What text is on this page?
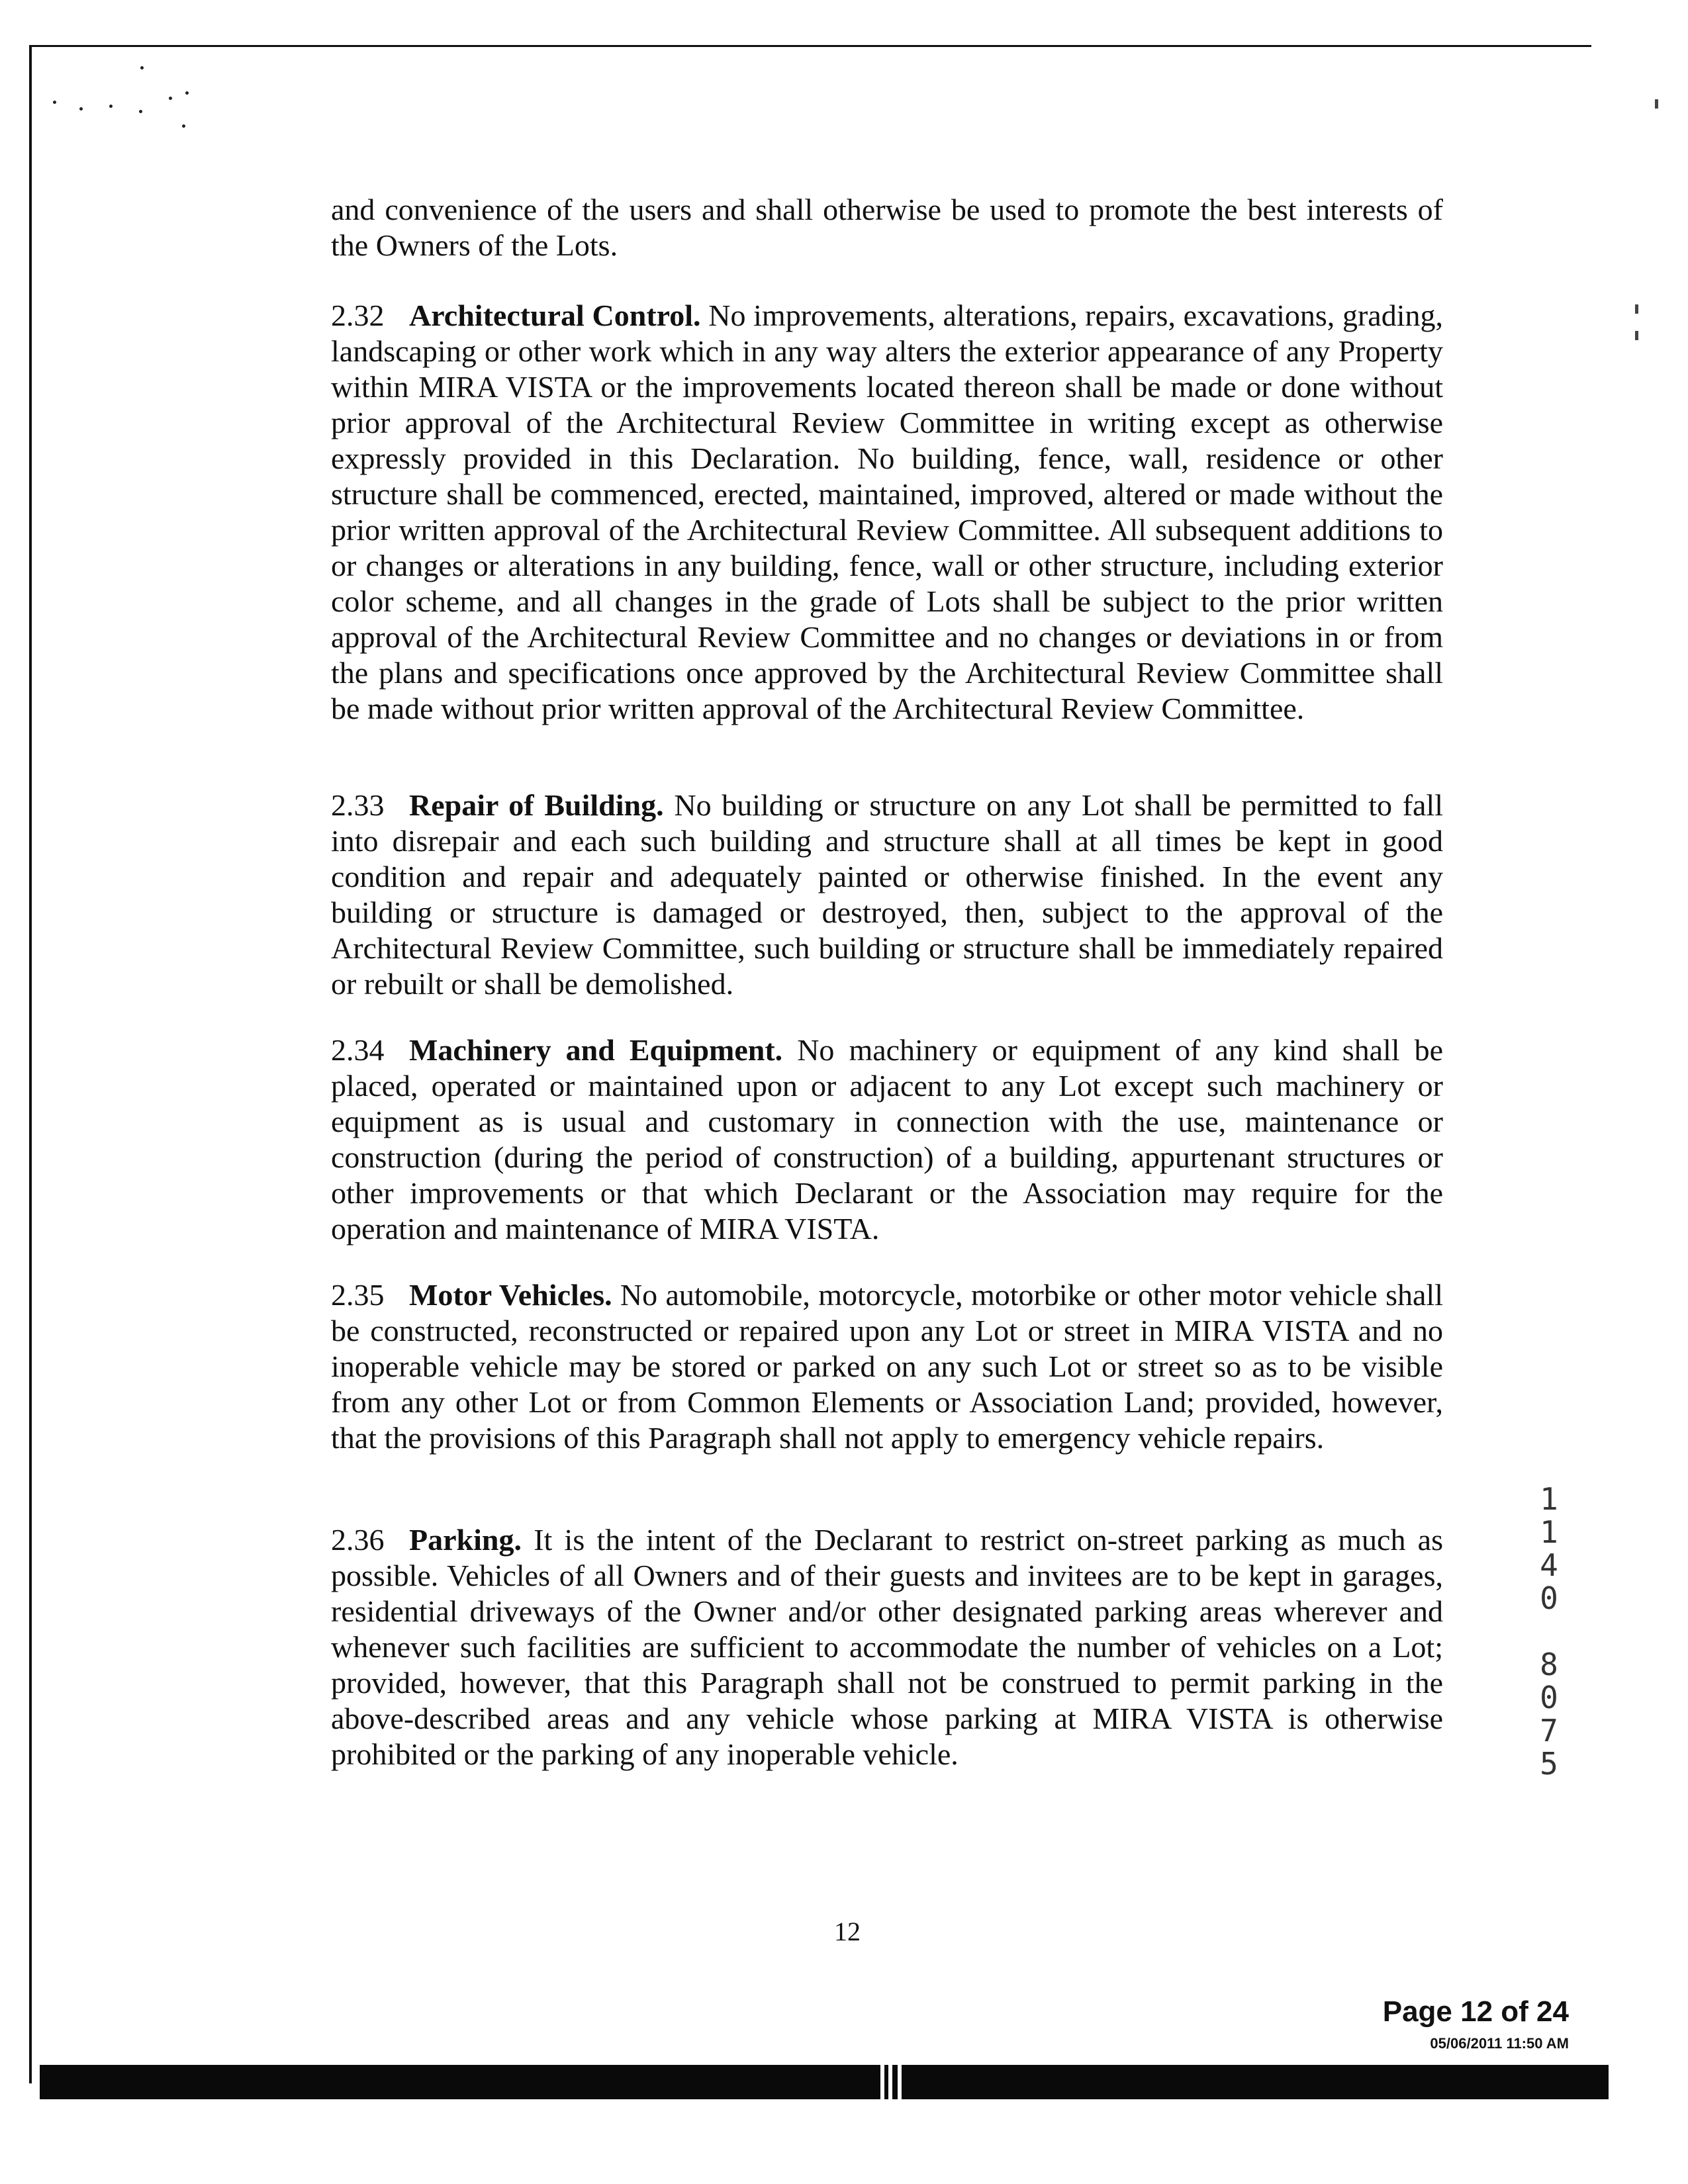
and convenience of the users and shall otherwise be used to promote the best interests of the Owners of the Lots.

2.32 Architectural Control. No improvements, alterations, repairs, excavations, grading, landscaping or other work which in any way alters the exterior appearance of any Property within MIRA VISTA or the improvements located thereon shall be made or done without prior approval of the Architectural Review Committee in writing except as otherwise expressly provided in this Declaration. No building, fence, wall, residence or other structure shall be commenced, erected, maintained, improved, altered or made without the prior written approval of the Architectural Review Committee. All subsequent additions to or changes or alterations in any building, fence, wall or other structure, including exterior color scheme, and all changes in the grade of Lots shall be subject to the prior written approval of the Architectural Review Committee and no changes or deviations in or from the plans and specifications once approved by the Architectural Review Committee shall be made without prior written approval of the Architectural Review Committee.

2.33 Repair of Building. No building or structure on any Lot shall be permitted to fall into disrepair and each such building and structure shall at all times be kept in good condition and repair and adequately painted or otherwise finished. In the event any building or structure is damaged or destroyed, then, subject to the approval of the Architectural Review Committee, such building or structure shall be immediately repaired or rebuilt or shall be demolished.

2.34 Machinery and Equipment. No machinery or equipment of any kind shall be placed, operated or maintained upon or adjacent to any Lot except such machinery or equipment as is usual and customary in connection with the use, maintenance or construction (during the period of construction) of a building, appurtenant structures or other improvements or that which Declarant or the Association may require for the operation and maintenance of MIRA VISTA.

2.35 Motor Vehicles. No automobile, motorcycle, motorbike or other motor vehicle shall be constructed, reconstructed or repaired upon any Lot or street in MIRA VISTA and no inoperable vehicle may be stored or parked on any such Lot or street so as to be visible from any other Lot or from Common Elements or Association Land; provided, however, that the provisions of this Paragraph shall not apply to emergency vehicle repairs.

2.36 Parking. It is the intent of the Declarant to restrict on-street parking as much as possible. Vehicles of all Owners and of their guests and invitees are to be kept in garages, residential driveways of the Owner and/or other designated parking areas wherever and whenever such facilities are sufficient to accommodate the number of vehicles on a Lot; provided, however, that this Paragraph shall not be construed to permit parking in the above-described areas and any vehicle whose parking at MIRA VISTA is otherwise prohibited or the parking of any inoperable vehicle.

1
1
4
0

8
0
7
5
12
Page 12 of 24
05/06/2011 11:50 AM
